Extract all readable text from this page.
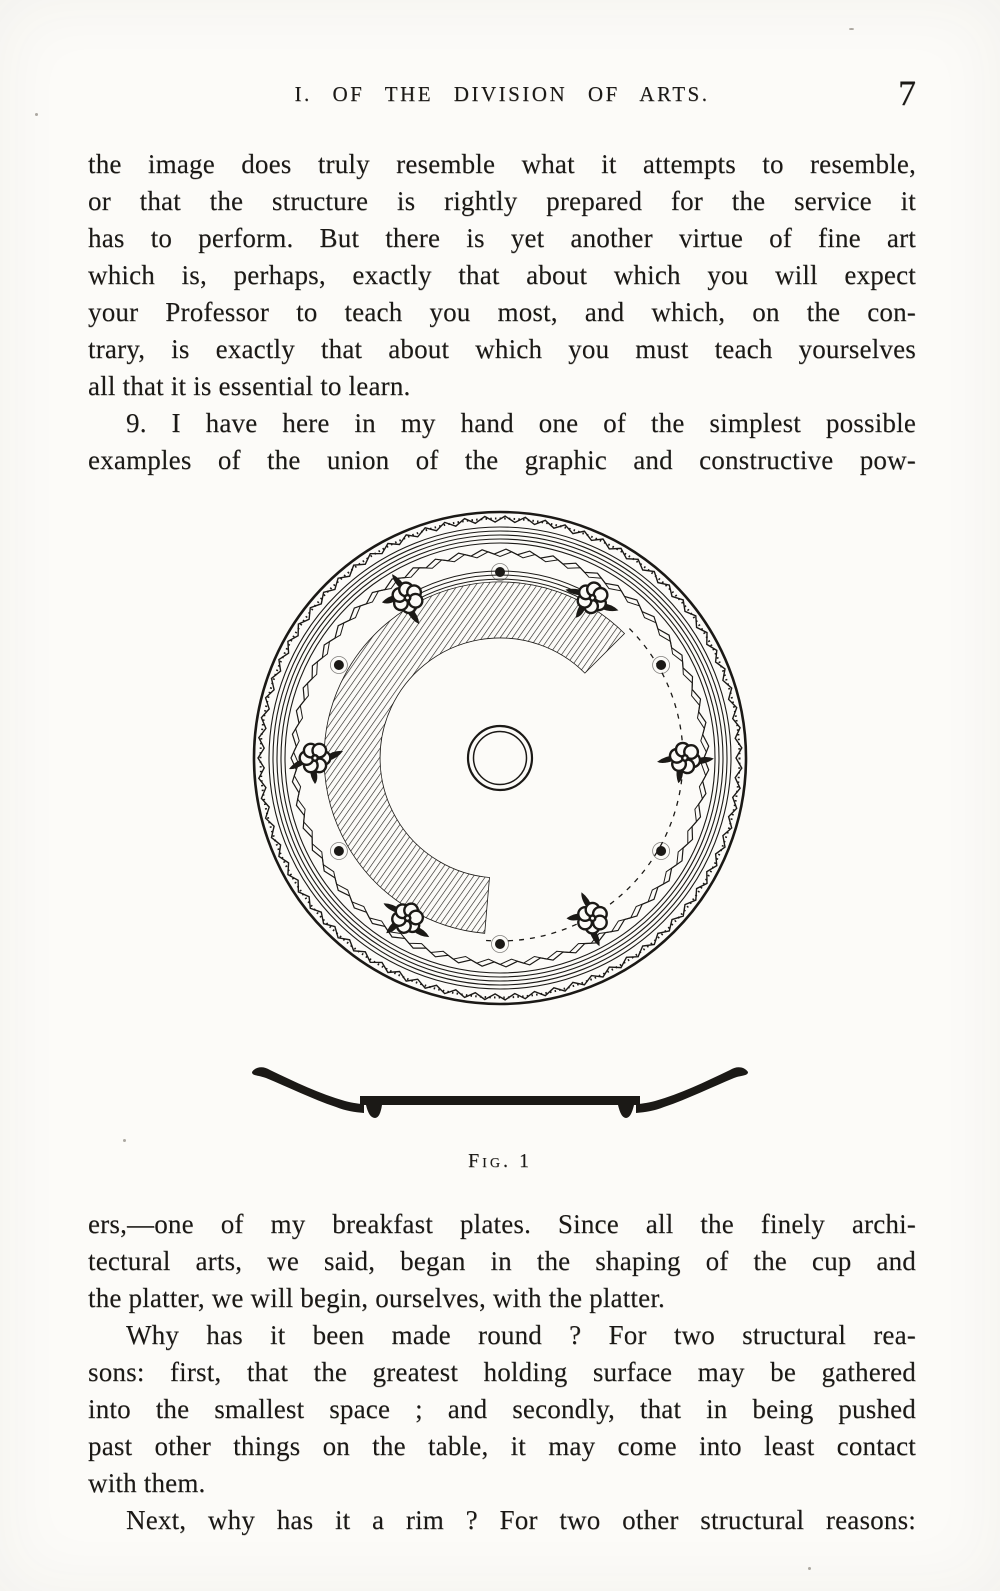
I. OF THE DIVISION OF ARTS.	7
the image does truly resemble what it attempts to resemble,
or that the structure is rightly prepared for the service it
has to perform. But there is yet another virtue of fine art
which is, perhaps, exactly that about which you will expect
your Professor to teach you most, and which, on the con-
trary, is exactly that about which you must teach yourselves
all that it is essential to learn.
9. I have here in my hand one of the simplest possible
examples of the union of the graphic and constructive pow-
Fig. 1
ers,—one of my breakfast plates. Since all the finely archi-
tectural arts, we said, began in the shaping of the cup and
the platter, we will begin, ourselves, with the platter.
Why has it been made round ? For two structural rea-
sons: first, that the greatest holding surface may be gathered
into the smallest space ; and secondly, that in being pushed
past other things on the table, it may come into least contact
with them.
Next, why has it a rim ? For two other structural reasons:
